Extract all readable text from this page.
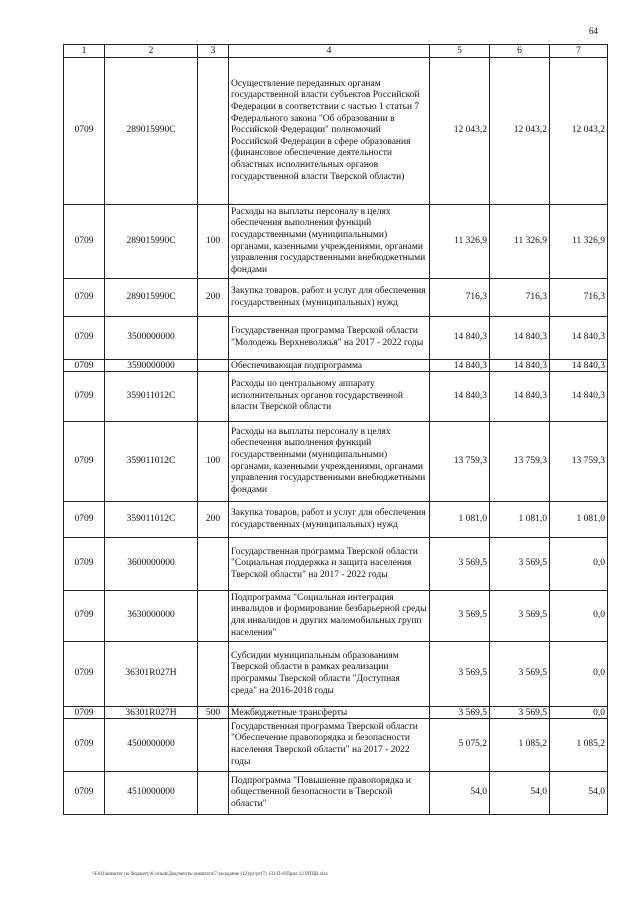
64
1	2	3	4	5	6	7
0709	289015990С		Осуществление переданных органам государственной власти субъектов Российской Федерации в соответствии с частью 1 статьи 7 Федерального закона "Об образовании в Российской Федерации" полномочий Российской Федерации в сфере образования (финансовое обеспечение деятельности областных исполнительных органов государственной власти Тверской области)	12 043,2	12 043,2	12 043,2
0709	289015990С	100	Расходы на выплаты персоналу в целях обеспечения выполнения функций государственными (муниципальными) органами, казенными учреждениями, органами управления государственными внебюджетными фондами	11 326,9	11 326,9	11 326,9
0709	289015990С	200	Закупка товаров, работ и услуг для обеспечения государственных (муниципальных) нужд	716,3	716,3	716,3
0709	3500000000		Государственная программа Тверской области "Молодежь Верхневолжья" на 2017 - 2022 годы	14 840,3	14 840,3	14 840,3
0709	3590000000		Обеспечивающая подпрограмма	14 840,3	14 840,3	14 840,3
0709	359011012С		Расходы по центральному аппарату исполнительных органов государственной власти Тверской области	14 840,3	14 840,3	14 840,3
0709	359011012С	100	Расходы на выплаты персоналу в целях обеспечения выполнения функций государственными (муниципальными) органами, казенными учреждениями, органами управления государственными внебюджетными фондами	13 759,3	13 759,3	13 759,3
0709	359011012С	200	Закупка товаров, работ и услуг для обеспечения государственных (муниципальных) нужд	1 081,0	1 081,0	1 081,0
0709	3600000000		Государственная программа Тверской области "Социальная поддержка и защита населения Тверской области" на 2017 - 2022 годы	3 569,5	3 569,5	0,0
0709	3630000000		Подпрограмма "Социальная интеграция инвалидов и формирование безбарьерной среды для инвалидов и других маломобильных групп населения"	3 569,5	3 569,5	0,0
0709	36301R027H		Субсидии муниципальным образованиям Тверской области в рамках реализации программы Тверской области "Доступная среда" на 2016-2018 годы	3 569,5	3 569,5	0,0
0709	36301R027H	500	Межбюджетные трансферты	3 569,5	3 569,5	0,0
0709	4500000000		Государственная программа Тверской области "Обеспечение правопорядка и безопасности населения Тверской области" на 2017 - 2022 годы	5 075,2	1 085,2	1 085,2
0709	4510000000		Подпрограмма "Повышение правопорядка и общественной безопасности в Тверской области"	54,0	54,0	54,0
\\Fs01\комитет по бюджету\6 созыв\Документы комитета\7 заседание (12)\рг\рт(7) 132-П-6\Прил 12 РПЦВ.xlsx
